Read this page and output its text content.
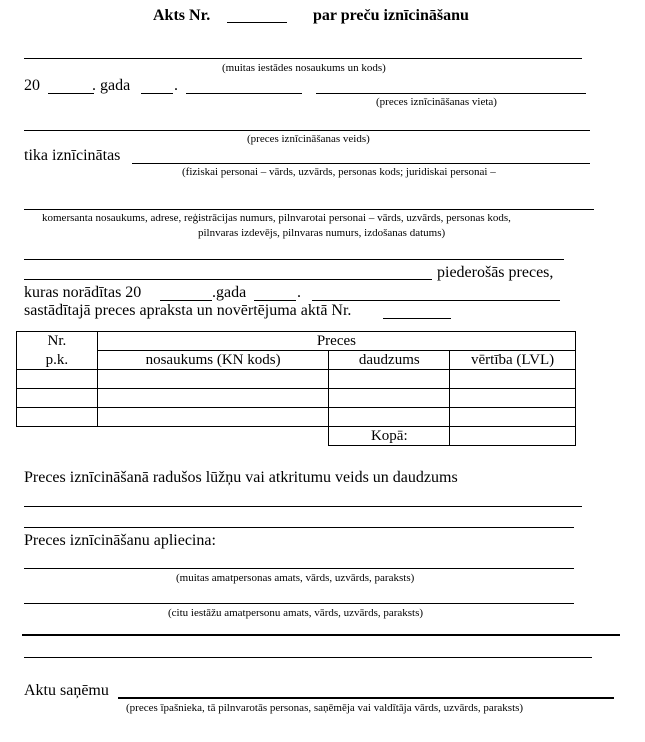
Akts Nr.	par preču iznīcināšanu
(muitas iestādes nosaukums un kods)
20	. gada	.
(preces iznīcināšanas vieta)
(preces iznīcināšanas veids)
tika iznīcinātas
(fiziskai personai – vārds, uzvārds, personas kods; juridiskai personai –
komersanta nosaukums, adrese, reģistrācijas numurs, pilnvarotai personai – vārds, uzvārds, personas kods,
pilnvaras izdevējs, pilnvaras numurs, izdošanas datums)
piederošās preces,
kuras norādītas 20	.gada	.
sastādītajā preces apraksta un novērtējuma aktā Nr.
Nr.	Preces		
p.k.	nosaukums (KN kods)	daudzums	vērtība (LVL)

		Kopā:	
Preces iznīcināšanā radušos lūžņu vai atkritumu veids un daudzums
Preces iznīcināšanu apliecina:
(muitas amatpersonas amats, vārds, uzvārds, paraksts)
(citu iestāžu amatpersonu amats, vārds, uzvārds, paraksts)
Aktu saņēmu
(preces īpašnieka, tā pilnvarotās personas, saņēmēja vai valdītāja vārds, uzvārds, paraksts)
